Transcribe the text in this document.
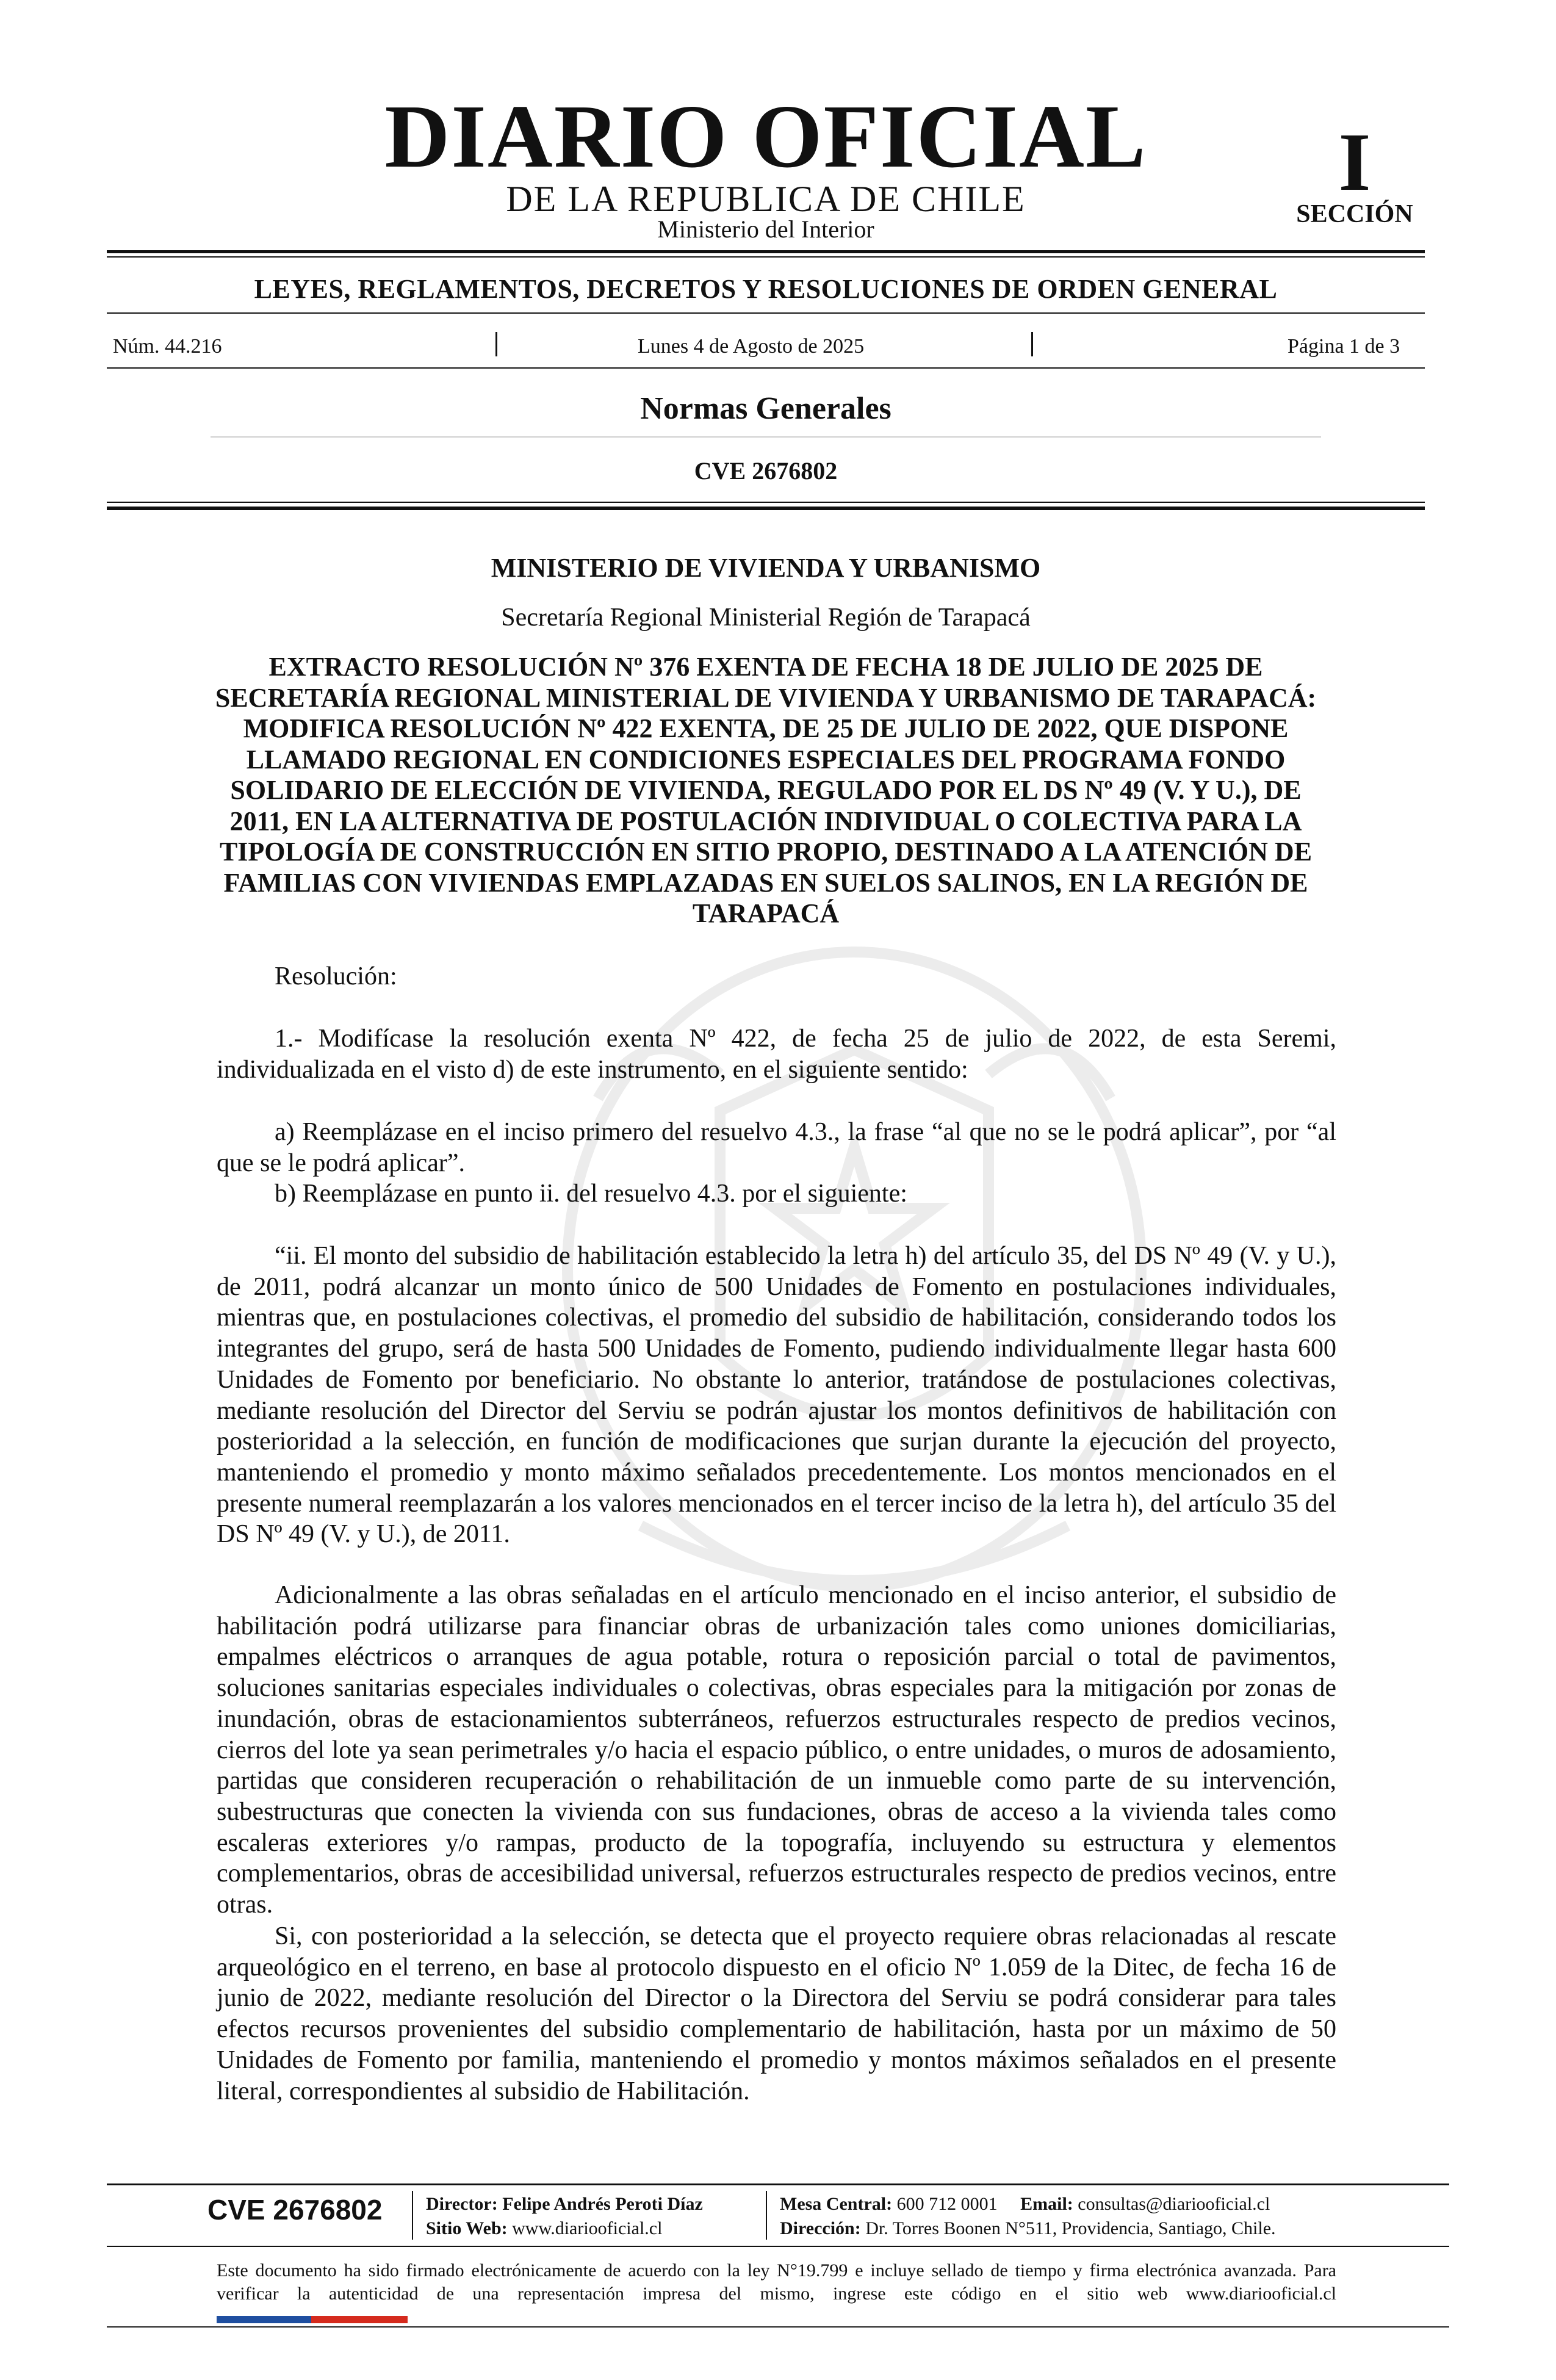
DIARIO OFICIAL
DE LA REPUBLICA DE CHILE
Ministerio del Interior
I
SECCIÓN
LEYES, REGLAMENTOS, DECRETOS Y RESOLUCIONES DE ORDEN GENERAL
Núm. 44.216	Lunes 4 de Agosto de 2025	Página 1 de 3
Normas Generales
CVE 2676802
MINISTERIO DE VIVIENDA Y URBANISMO
Secretaría Regional Ministerial Región de Tarapacá
EXTRACTO RESOLUCIÓN Nº 376 EXENTA DE FECHA 18 DE JULIO DE 2025 DE SECRETARÍA REGIONAL MINISTERIAL DE VIVIENDA Y URBANISMO DE TARAPACÁ: MODIFICA RESOLUCIÓN Nº 422 EXENTA, DE 25 DE JULIO DE 2022, QUE DISPONE LLAMADO REGIONAL EN CONDICIONES ESPECIALES DEL PROGRAMA FONDO SOLIDARIO DE ELECCIÓN DE VIVIENDA, REGULADO POR EL DS Nº 49 (V. Y U.), DE 2011, EN LA ALTERNATIVA DE POSTULACIÓN INDIVIDUAL O COLECTIVA PARA LA TIPOLOGÍA DE CONSTRUCCIÓN EN SITIO PROPIO, DESTINADO A LA ATENCIÓN DE FAMILIAS CON VIVIENDAS EMPLAZADAS EN SUELOS SALINOS, EN LA REGIÓN DE TARAPACÁ
Resolución:
1.- Modifícase la resolución exenta Nº 422, de fecha 25 de julio de 2022, de esta Seremi, individualizada en el visto d) de este instrumento, en el siguiente sentido:
a) Reemplázase en el inciso primero del resuelvo 4.3., la frase “al que no se le podrá aplicar”, por “al que se le podrá aplicar”.
b) Reemplázase en punto ii. del resuelvo 4.3. por el siguiente:
“ii. El monto del subsidio de habilitación establecido la letra h) del artículo 35, del DS Nº 49 (V. y U.), de 2011, podrá alcanzar un monto único de 500 Unidades de Fomento en postulaciones individuales, mientras que, en postulaciones colectivas, el promedio del subsidio de habilitación, considerando todos los integrantes del grupo, será de hasta 500 Unidades de Fomento, pudiendo individualmente llegar hasta 600 Unidades de Fomento por beneficiario. No obstante lo anterior, tratándose de postulaciones colectivas, mediante resolución del Director del Serviu se podrán ajustar los montos definitivos de habilitación con posterioridad a la selección, en función de modificaciones que surjan durante la ejecución del proyecto, manteniendo el promedio y monto máximo señalados precedentemente. Los montos mencionados en el presente numeral reemplazarán a los valores mencionados en el tercer inciso de la letra h), del artículo 35 del DS Nº 49 (V. y U.), de 2011.
Adicionalmente a las obras señaladas en el artículo mencionado en el inciso anterior, el subsidio de habilitación podrá utilizarse para financiar obras de urbanización tales como uniones domiciliarias, empalmes eléctricos o arranques de agua potable, rotura o reposición parcial o total de pavimentos, soluciones sanitarias especiales individuales o colectivas, obras especiales para la mitigación por zonas de inundación, obras de estacionamientos subterráneos, refuerzos estructurales respecto de predios vecinos, cierros del lote ya sean perimetrales y/o hacia el espacio público, o entre unidades, o muros de adosamiento, partidas que consideren recuperación o rehabilitación de un inmueble como parte de su intervención, subestructuras que conecten la vivienda con sus fundaciones, obras de acceso a la vivienda tales como escaleras exteriores y/o rampas, producto de la topografía, incluyendo su estructura y elementos complementarios, obras de accesibilidad universal, refuerzos estructurales respecto de predios vecinos, entre otras.
Si, con posterioridad a la selección, se detecta que el proyecto requiere obras relacionadas al rescate arqueológico en el terreno, en base al protocolo dispuesto en el oficio Nº 1.059 de la Ditec, de fecha 16 de junio de 2022, mediante resolución del Director o la Directora del Serviu se podrá considerar para tales efectos recursos provenientes del subsidio complementario de habilitación, hasta por un máximo de 50 Unidades de Fomento por familia, manteniendo el promedio y montos máximos señalados en el presente literal, correspondientes al subsidio de Habilitación.
CVE 2676802 Director: Felipe Andrés Peroti Díaz
Sitio Web: www.diariooficial.cl
Mesa Central: 600 712 0001 Email: consultas@diariooficial.cl
Dirección: Dr. Torres Boonen N°511, Providencia, Santiago, Chile.
Este documento ha sido firmado electrónicamente de acuerdo con la ley N°19.799 e incluye sellado de tiempo y firma electrónica avanzada. Para verificar la autenticidad de una representación impresa del mismo, ingrese este código en el sitio web www.diariooficial.cl
